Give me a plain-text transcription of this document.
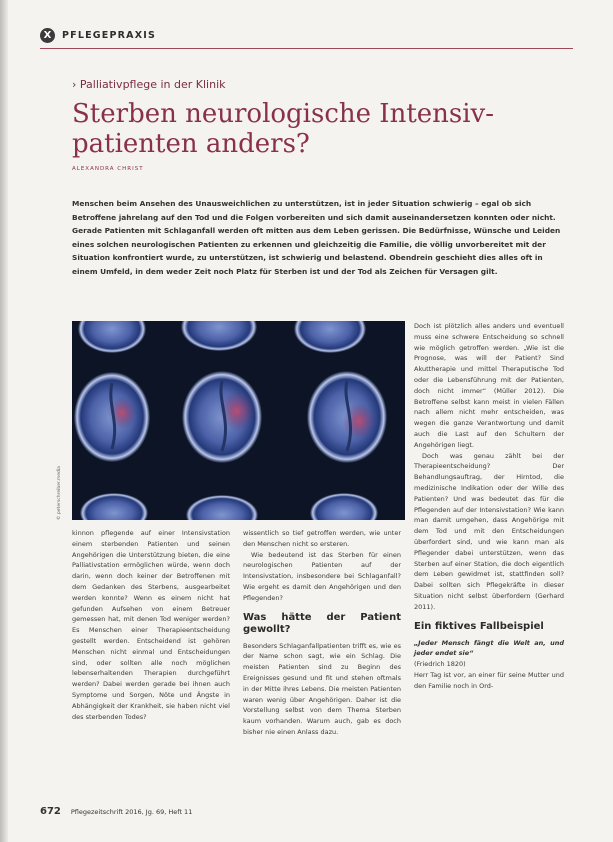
X	PFLEGEPRAXIS
› Palliativpflege in der Klinik
Sterben neurologische Intensiv-
patienten anders?
ALEXANDRA CHRIST

Menschen beim Ansehen des Unausweichlichen zu unterstützen, ist in jeder Situation schwierig – egal ob sich Betroffene jahrelang auf den Tod und die Folgen vorbereiten und sich damit auseinandersetzen konnten oder nicht. Gerade Patienten mit Schlaganfall werden oft mitten aus dem Leben gerissen. Die Bedürfnisse, Wünsche und Leiden eines solchen neurologischen Patienten zu erkennen und gleichzeitig die Familie, die völlig unvorbereitet mit der Situation konfrontiert wurde, zu unterstützen, ist schwierig und belastend. Obendrein geschieht dies alles oft in einem Umfeld, in dem weder Zeit noch Platz für Sterben ist und der Tod als Zeichen für Versagen gilt.

© peterschreiber.media

kinnon pflegende auf einer Intensivstation einem sterbenden Patienten und seinen Angehörigen die Unterstützung bieten, die eine Palliativstation ermöglichen würde, wenn doch darin, wenn doch keiner der Betroffenen mit dem Gedanken des Sterbens, ausgearbeitet werden konnte? Wenn es einem nicht hat gefunden Aufsehen von einem Betreuer gemessen hat, mit denen Tod weniger werden? Es Menschen einer Therapieentscheidung gestellt werden. Entscheidend ist gehören Menschen nicht einmal und Entscheidungen sind, oder sollten alle noch möglichen lebenserhaltenden Therapien durchgeführt werden? Dabei werden gerade bei ihnen auch Symptome und Sorgen, Nöte und Ängste in Abhängigkeit der Krankheit, sie haben nicht viel des sterbenden Todes?

wissentlich so tief getroffen werden, wie unter den Menschen nicht so ersteren.

Wie bedeutend ist das Sterben für einen neurologischen Patienten auf der Intensivstation, insbesondere bei Schlaganfall? Wie ergeht es damit den Angehörigen und den Pflegenden?

Was hätte der Patient gewollt?

Besonders Schlaganfallpatienten trifft es, wie es der Name schon sagt, wie ein Schlag. Die meisten Patienten sind zu Beginn des Ereignisses gesund und fit und stehen oftmals in der Mitte ihres Lebens. Die meisten Patienten waren wenig über Angehörigen. Daher ist die Vorstellung selbst von dem Thema Sterben kaum vorhanden. Warum auch, gab es doch bisher nie einen Anlass dazu.

Doch ist plötzlich alles anders und eventuell muss eine schwere Entscheidung so schnell wie möglich getroffen werden. „Wie ist die Prognose, was will der Patient? Sind Akuttherapie und mittel Theraputische Tod oder die Lebensführung mit der Patienten, doch nicht immer“ (Müller 2012). Die Betroffene selbst kann meist in vielen Fällen nach allem nicht mehr entscheiden, was wegen die ganze Verantwortung und damit auch die Last auf den Schultern der Angehörigen liegt.

Doch was genau zählt bei der Therapieentscheidung? Der Behandlungsauftrag, der Hirntod, die medizinische Indikation oder der Wille des Patienten? Und was bedeutet das für die Pflegenden auf der Intensivstation? Wie kann man damit umgehen, dass Angehörige mit dem Tod und mit den Entscheidungen überfordert sind, und wie kann man als Pflegender dabei unterstützen, wenn das Sterben auf einer Station, die doch eigentlich dem Leben gewidmet ist, stattfinden soll? Dabei sollten sich Pflegekräfte in dieser Situation nicht selbst überfordern (Gerhard 2011).

Ein fiktives Fallbeispiel

„Jeder Mensch fängt die Welt an, und jeder endet sie“

(Friedrich 1820)

Herr Tag ist vor, an einer für seine Mutter und den Familie noch in Ord-

672 Pflegezeitschrift 2016, Jg. 69, Heft 11
